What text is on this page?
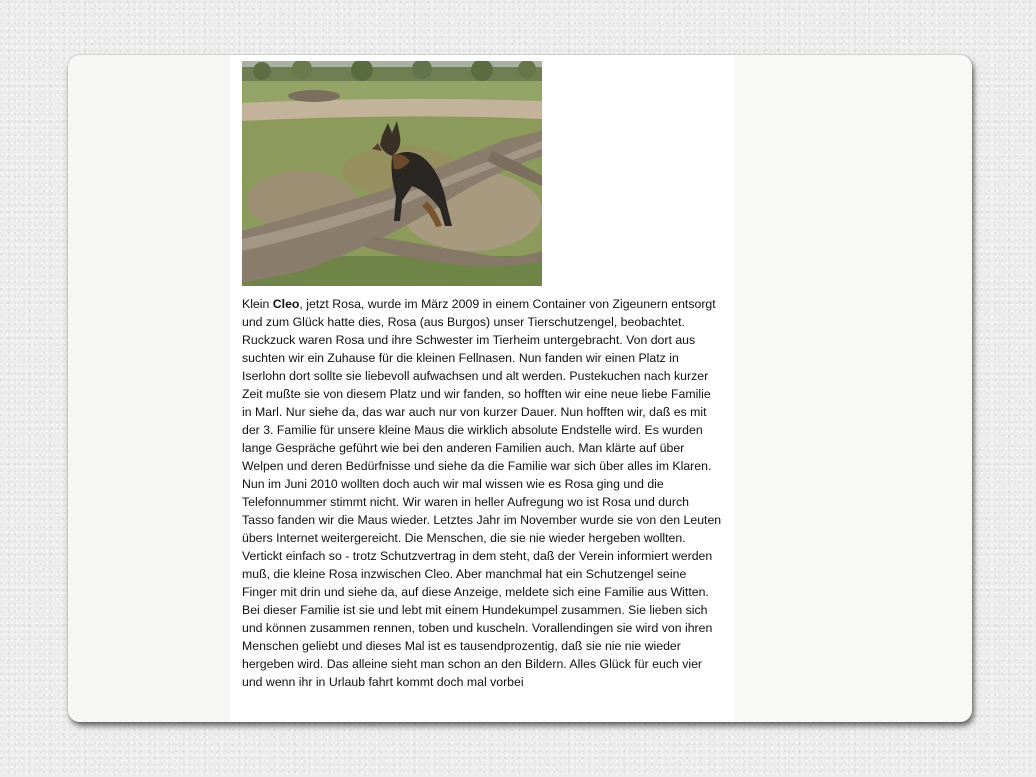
Klein Cleo, jetzt Rosa, wurde im März 2009 in einem Container von Zigeunern entsorgt und zum Glück hatte dies, Rosa (aus Burgos) unser Tierschutzengel, beobachtet. Ruckzuck waren Rosa und ihre Schwester im Tierheim untergebracht. Von dort aus suchten wir ein Zuhause für die kleinen Fellnasen. Nun fanden wir einen Platz in Iserlohn dort sollte sie liebevoll aufwachsen und alt werden. Pustekuchen nach kurzer Zeit mußte sie von diesem Platz und wir fanden, so hofften wir eine neue liebe Familie in Marl. Nur siehe da, das war auch nur von kurzer Dauer. Nun hofften wir, daß es mit der 3. Familie für unsere kleine Maus die wirklich absolute Endstelle wird. Es wurden lange Gespräche geführt wie bei den anderen Familien auch. Man klärte auf über Welpen und deren Bedürfnisse und siehe da die Familie war sich über alles im Klaren. Nun im Juni 2010 wollten doch auch wir mal wissen wie es Rosa ging und die Telefonnummer stimmt nicht. Wir waren in heller Aufregung wo ist Rosa und durch Tasso fanden wir die Maus wieder. Letztes Jahr im November wurde sie von den Leuten übers Internet weitergereicht. Die Menschen, die sie nie wieder hergeben wollten. Vertickt einfach so - trotz Schutzvertrag in dem steht, daß der Verein informiert werden muß, die kleine Rosa inzwischen Cleo. Aber manchmal hat ein Schutzengel seine Finger mit drin und siehe da, auf diese Anzeige, meldete sich eine Familie aus Witten. Bei dieser Familie ist sie und lebt mit einem Hundekumpel zusammen. Sie lieben sich und können zusammen rennen, toben und kuscheln. Vorallendingen sie wird von ihren Menschen geliebt und dieses Mal ist es tausendprozentig, daß sie nie nie wieder hergeben wird. Das alleine sieht man schon an den Bildern. Alles Glück für euch vier und wenn ihr in Urlaub fahrt kommt doch mal vorbei
